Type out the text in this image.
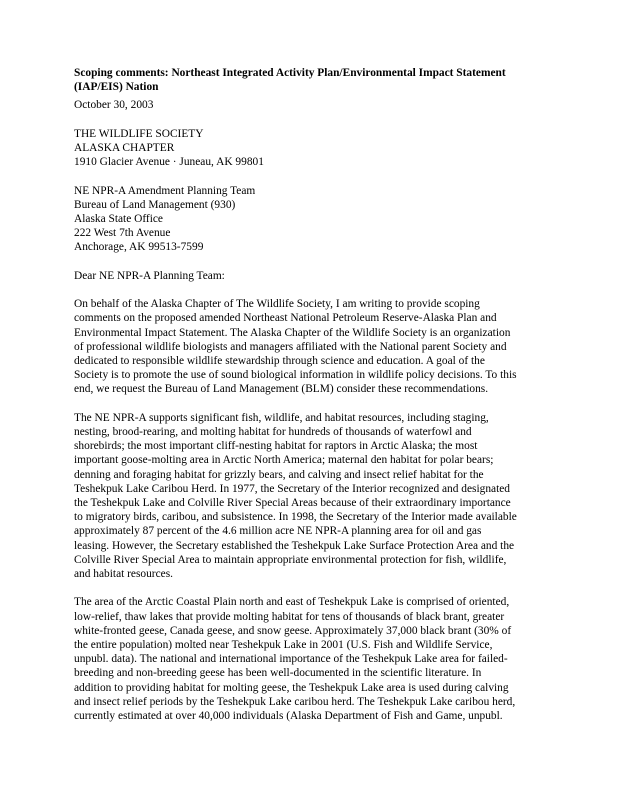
Scoping comments: Northeast Integrated Activity Plan/Environmental Impact Statement
(IAP/EIS) Nation
October 30, 2003
THE WILDLIFE SOCIETY
ALASKA CHAPTER
1910 Glacier Avenue · Juneau, AK 99801
NE NPR-A Amendment Planning Team
Bureau of Land Management (930)
Alaska State Office
222 West 7th Avenue
Anchorage, AK 99513-7599
Dear NE NPR-A Planning Team:

On behalf of the Alaska Chapter of The Wildlife Society, I am writing to provide scoping
comments on the proposed amended Northeast National Petroleum Reserve-Alaska Plan and
Environmental Impact Statement. The Alaska Chapter of the Wildlife Society is an organization
of professional wildlife biologists and managers affiliated with the National parent Society and
dedicated to responsible wildlife stewardship through science and education. A goal of the
Society is to promote the use of sound biological information in wildlife policy decisions. To this
end, we request the Bureau of Land Management (BLM) consider these recommendations.

The NE NPR-A supports significant fish, wildlife, and habitat resources, including staging,
nesting, brood-rearing, and molting habitat for hundreds of thousands of waterfowl and
shorebirds; the most important cliff-nesting habitat for raptors in Arctic Alaska; the most
important goose-molting area in Arctic North America; maternal den habitat for polar bears;
denning and foraging habitat for grizzly bears, and calving and insect relief habitat for the
Teshekpuk Lake Caribou Herd. In 1977, the Secretary of the Interior recognized and designated
the Teshekpuk Lake and Colville River Special Areas because of their extraordinary importance
to migratory birds, caribou, and subsistence. In 1998, the Secretary of the Interior made available
approximately 87 percent of the 4.6 million acre NE NPR-A planning area for oil and gas
leasing. However, the Secretary established the Teshekpuk Lake Surface Protection Area and the
Colville River Special Area to maintain appropriate environmental protection for fish, wildlife,
and habitat resources.

The area of the Arctic Coastal Plain north and east of Teshekpuk Lake is comprised of oriented,
low-relief, thaw lakes that provide molting habitat for tens of thousands of black brant, greater
white-fronted geese, Canada geese, and snow geese. Approximately 37,000 black brant (30% of
the entire population) molted near Teshekpuk Lake in 2001 (U.S. Fish and Wildlife Service,
unpubl. data). The national and international importance of the Teshekpuk Lake area for failed-
breeding and non-breeding geese has been well-documented in the scientific literature. In
addition to providing habitat for molting geese, the Teshekpuk Lake area is used during calving
and insect relief periods by the Teshekpuk Lake caribou herd. The Teshekpuk Lake caribou herd,
currently estimated at over 40,000 individuals (Alaska Department of Fish and Game, unpubl.
